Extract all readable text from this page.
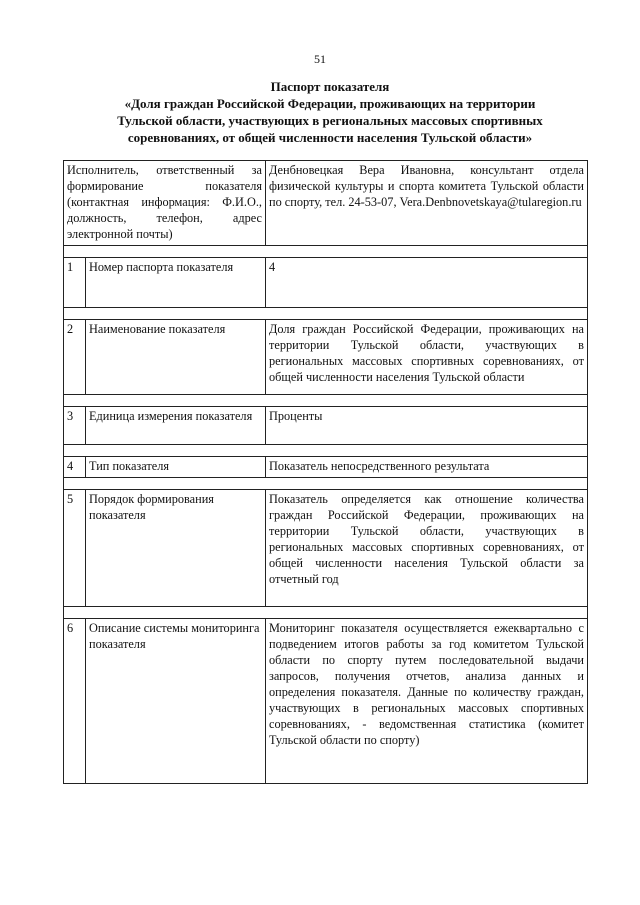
51
Паспорт показателя
«Доля граждан Российской Федерации, проживающих на территории
Тульской области, участвующих в региональных массовых спортивных
соревнованиях, от общей численности населения Тульской области»
Исполнитель, ответственный за формирование показателя (контактная информация: Ф.И.О., должность, телефон, адрес электронной почты)		Денбновецкая Вера Ивановна, консультант отдела физической культуры и спорта комитета Тульской области по спорту, тел. 24-53-07, Vera.Denbnovetskaya@tularegion.ru

1	Номер паспорта показателя	4

2	Наименование показателя	Доля граждан Российской Федерации, проживающих на территории Тульской области, участвующих в региональных массовых спортивных соревнованиях, от общей численности населения Тульской области

3	Единица измерения показателя	Проценты

4	Тип показателя	Показатель непосредственного результата

5	Порядок формирования показателя	Показатель определяется как отношение количества граждан Российской Федерации, проживающих на территории Тульской области, участвующих в региональных массовых спортивных соревнованиях, от общей численности населения Тульской области за отчетный год

6	Описание системы мониторинга показателя	Мониторинг показателя осуществляется ежеквартально с подведением итогов работы за год комитетом Тульской области по спорту путем последовательной выдачи запросов, получения отчетов, анализа данных и определения показателя. Данные по количеству граждан, участвующих в региональных массовых спортивных соревнованиях, - ведомственная статистика (комитет Тульской области по спорту)
